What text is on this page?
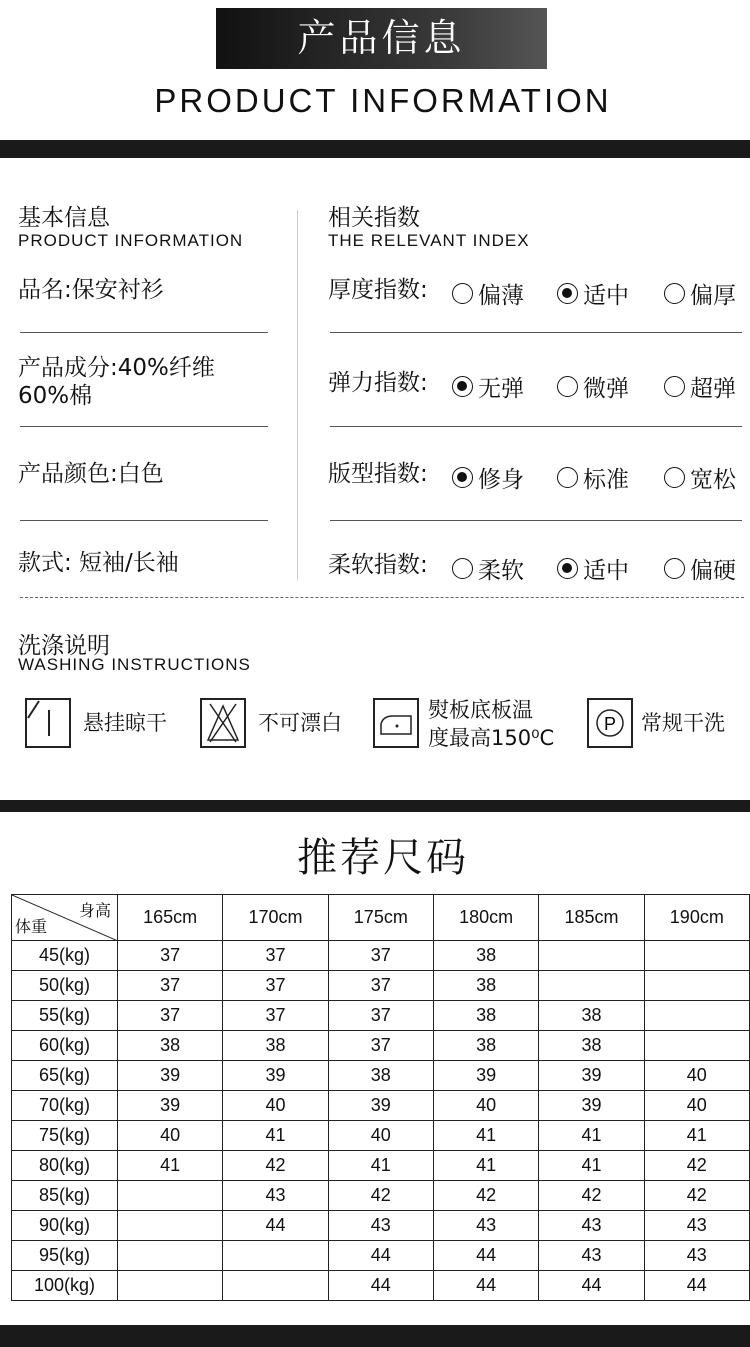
产品信息
PRODUCT INFORMATION
基本信息
PRODUCT INFORMATION
品名:保安衬衫
产品成分:40%纤维
60%棉
产品颜色:白色
款式: 短袖/长袖
相关指数
THE RELEVANT INDEX
厚度指数: 偏薄	适中	偏厚
弹力指数: 无弹	微弹	超弹
版型指数: 修身	标准	宽松
柔软指数: 柔软	适中	偏硬
洗涤说明
WASHING INSTRUCTIONS
悬挂晾干	不可漂白
熨板底板温
度最高150⁰C
P 常规干洗
推荐尺码
身高
体重	165cm	170cm	175cm	180cm	185cm	190cm
45(kg)	37	37	37	38		
50(kg)	37	37	37	38		
55(kg)	37	37	37	38	38	
60(kg)	38	38	37	38	38	
65(kg)	39	39	38	39	39	40
70(kg)	39	40	39	40	39	40
75(kg)	40	41	40	41	41	41
80(kg)	41	42	41	41	41	42
85(kg)		43	42	42	42	42
90(kg)		44	43	43	43	43
95(kg)			44	44	43	43
100(kg)			44	44	44	44
